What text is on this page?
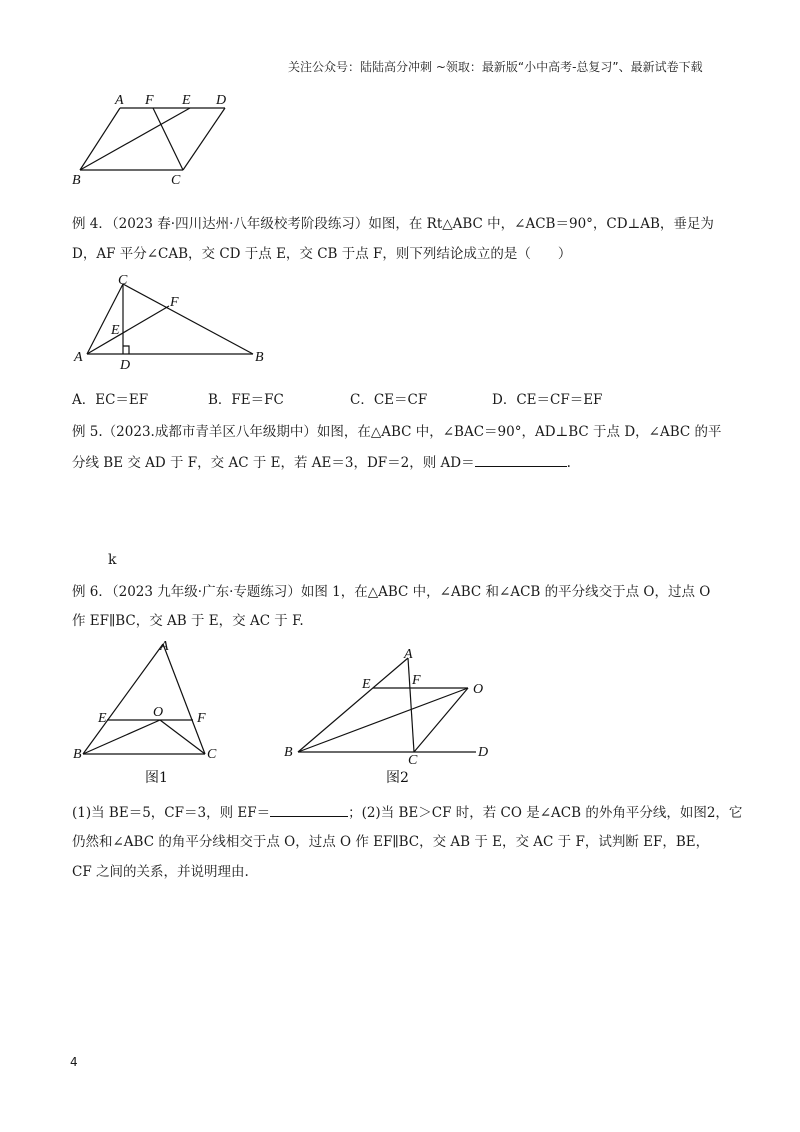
关注公众号：陆陆高分冲刺 ~领取：最新版“小中高考-总复习”、最新试卷下载
A F E D
B	C
例 4．（2023 春·四川达州·八年级校考阶段练习）如图，在 Rt△ABC 中，∠ACB＝90°，CD⊥AB，垂足为
D，AF 平分∠CAB，交 CD 于点 E，交 CB 于点 F，则下列结论成立的是（　　）
C
F
E
A
D
B
A．EC＝EF	B．FE＝FC	C．CE＝CF	D．CE＝CF＝EF
例 5.（2023.成都市青羊区八年级期中）如图，在△ABC 中，∠BAC＝90°，AD⊥BC 于点 D，∠ABC 的平
分线 BE 交 AD 于 F，交 AC 于 E，若 AE＝3，DF＝2，则 AD＝	.
k
例 6．（2023 九年级·广东·专题练习）如图 1，在△ABC 中，∠ABC 和∠ACB 的平分线交于点 O，过点 O
作 EF∥BC，交 AB 于 E，交 AC 于 F.
A
E	O F
B	C
图1
A
E	F
O
B
C
D
图2
(1)当 BE＝5，CF＝3，则 EF＝	；(2)当 BE＞CF 时，若 CO 是∠ACB 的外角平分线，如图2，它
仍然和∠ABC 的角平分线相交于点 O，过点 O 作 EF∥BC，交 AB 于 E，交 AC 于 F，试判断 EF，BE，
CF 之间的关系，并说明理由.
4
